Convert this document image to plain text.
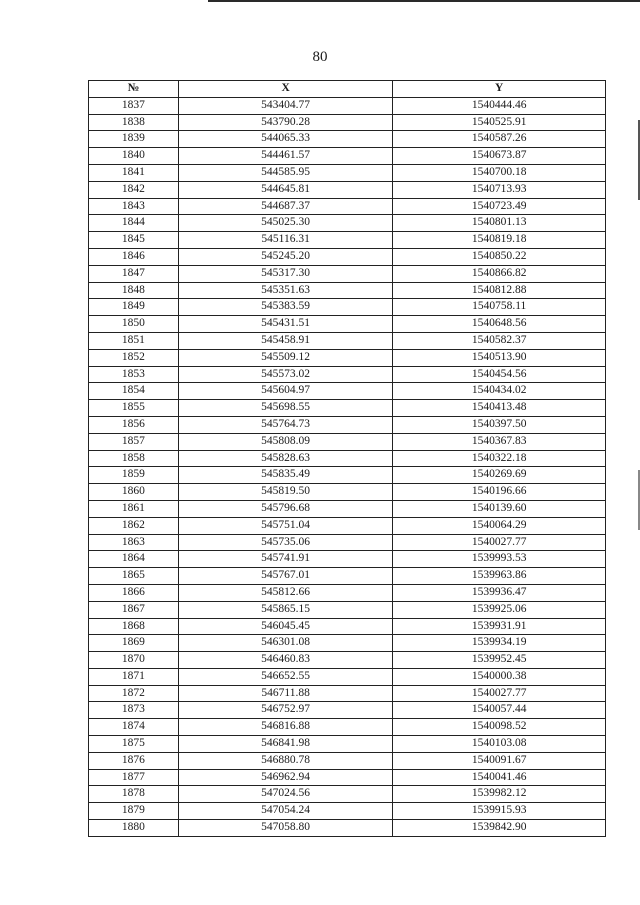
80
№	X	Y
1837	543404.77	1540444.46
1838	543790.28	1540525.91
1839	544065.33	1540587.26
1840	544461.57	1540673.87
1841	544585.95	1540700.18
1842	544645.81	1540713.93
1843	544687.37	1540723.49
1844	545025.30	1540801.13
1845	545116.31	1540819.18
1846	545245.20	1540850.22
1847	545317.30	1540866.82
1848	545351.63	1540812.88
1849	545383.59	1540758.11
1850	545431.51	1540648.56
1851	545458.91	1540582.37
1852	545509.12	1540513.90
1853	545573.02	1540454.56
1854	545604.97	1540434.02
1855	545698.55	1540413.48
1856	545764.73	1540397.50
1857	545808.09	1540367.83
1858	545828.63	1540322.18
1859	545835.49	1540269.69
1860	545819.50	1540196.66
1861	545796.68	1540139.60
1862	545751.04	1540064.29
1863	545735.06	1540027.77
1864	545741.91	1539993.53
1865	545767.01	1539963.86
1866	545812.66	1539936.47
1867	545865.15	1539925.06
1868	546045.45	1539931.91
1869	546301.08	1539934.19
1870	546460.83	1539952.45
1871	546652.55	1540000.38
1872	546711.88	1540027.77
1873	546752.97	1540057.44
1874	546816.88	1540098.52
1875	546841.98	1540103.08
1876	546880.78	1540091.67
1877	546962.94	1540041.46
1878	547024.56	1539982.12
1879	547054.24	1539915.93
1880	547058.80	1539842.90
